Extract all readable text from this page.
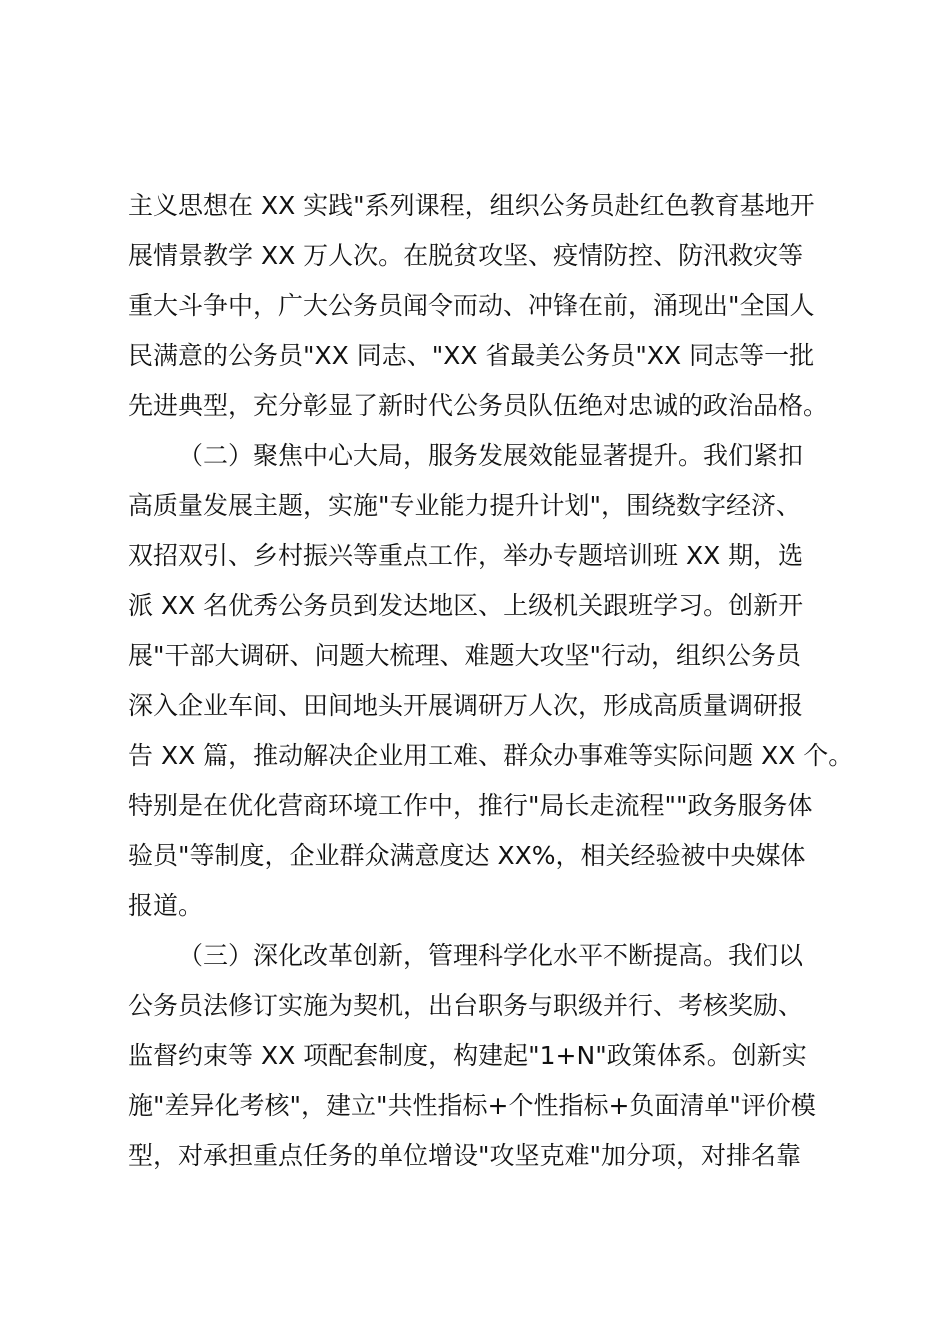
主义思想在 XX 实践"系列课程，组织公务员赴红色教育基地开
展情景教学 XX 万人次。在脱贫攻坚、疫情防控、防汛救灾等
重大斗争中，广大公务员闻令而动、冲锋在前，涌现出"全国人
民满意的公务员"XX 同志、"XX 省最美公务员"XX 同志等一批
先进典型，充分彰显了新时代公务员队伍绝对忠诚的政治品格。
（二）聚焦中心大局，服务发展效能显著提升。我们紧扣
高质量发展主题，实施"专业能力提升计划"，围绕数字经济、
双招双引、乡村振兴等重点工作，举办专题培训班 XX 期，选
派 XX 名优秀公务员到发达地区、上级机关跟班学习。创新开
展"干部大调研、问题大梳理、难题大攻坚"行动，组织公务员
深入企业车间、田间地头开展调研万人次，形成高质量调研报
告 XX 篇，推动解决企业用工难、群众办事难等实际问题 XX 个。
特别是在优化营商环境工作中，推行"局长走流程""政务服务体
验员"等制度，企业群众满意度达 XX%，相关经验被中央媒体
报道。
（三）深化改革创新，管理科学化水平不断提高。我们以
公务员法修订实施为契机，出台职务与职级并行、考核奖励、
监督约束等 XX 项配套制度，构建起"1+N"政策体系。创新实
施"差异化考核"，建立"共性指标+个性指标+负面清单"评价模
型，对承担重点任务的单位增设"攻坚克难"加分项，对排名靠
